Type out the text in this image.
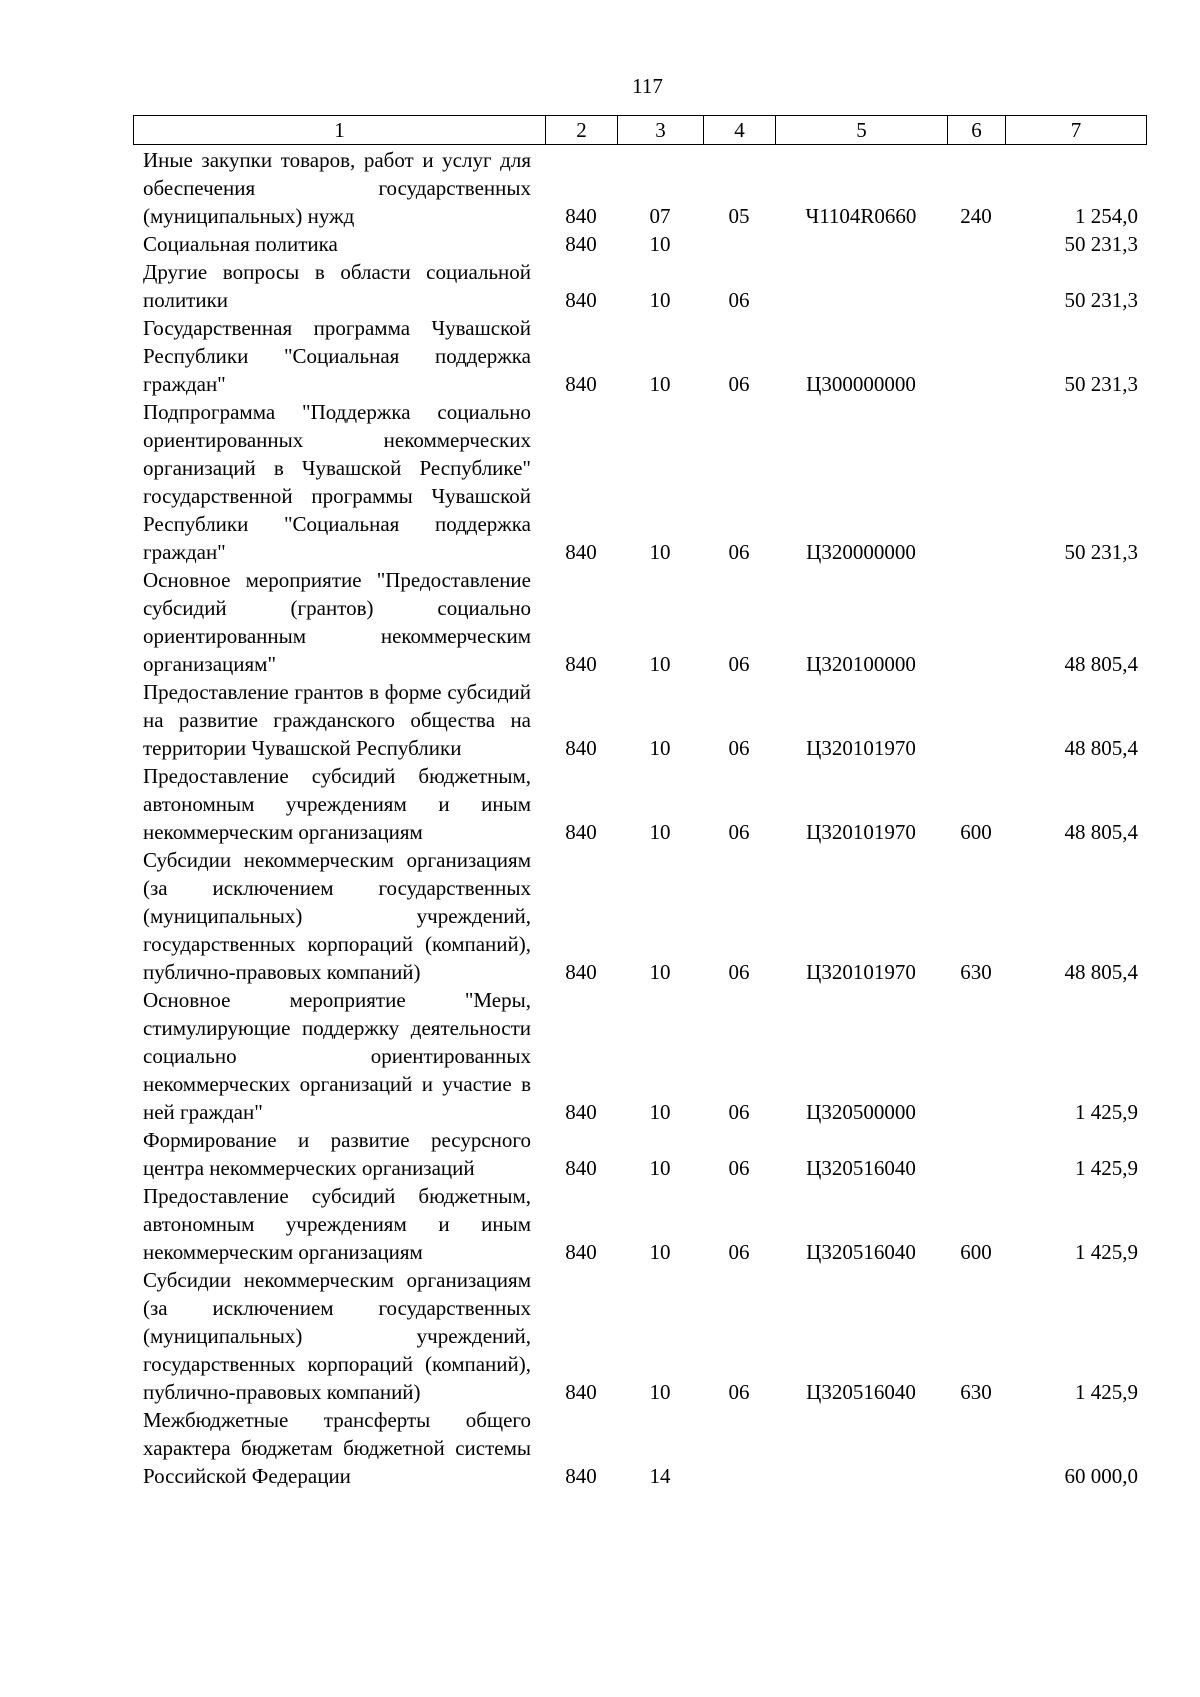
117
1	2	3	4	5	6	7
Иные закупки товаров, работ и услуг для обеспечения государственных (муниципальных) нужд	840	07	05	Ч1104R0660	240	1 254,0
Социальная политика	840	10				50 231,3
Другие вопросы в области социальной политики	840	10	06			50 231,3
Государственная программа Чувашской Республики "Социальная поддержка граждан"	840	10	06	Ц300000000		50 231,3
Подпрограмма "Поддержка социально ориентированных некоммерческих организаций в Чувашской Республике" государственной программы Чувашской Республики "Социальная поддержка граждан"	840	10	06	Ц320000000		50 231,3
Основное мероприятие "Предоставление субсидий (грантов) социально ориентированным некоммерческим организациям"	840	10	06	Ц320100000		48 805,4
Предоставление грантов в форме субсидий на развитие гражданского общества на территории Чувашской Республики	840	10	06	Ц320101970		48 805,4
Предоставление субсидий бюджетным, автономным учреждениям и иным некоммерческим организациям	840	10	06	Ц320101970	600	48 805,4
Субсидии некоммерческим организациям (за исключением государственных (муниципальных) учреждений, государственных корпораций (компаний), публично-правовых компаний)	840	10	06	Ц320101970	630	48 805,4
Основное мероприятие "Меры, стимулирующие поддержку деятельности социально ориентированных некоммерческих организаций и участие в ней граждан"	840	10	06	Ц320500000		1 425,9
Формирование и развитие ресурсного центра некоммерческих организаций	840	10	06	Ц320516040		1 425,9
Предоставление субсидий бюджетным, автономным учреждениям и иным некоммерческим организациям	840	10	06	Ц320516040	600	1 425,9
Субсидии некоммерческим организациям (за исключением государственных (муниципальных) учреждений, государственных корпораций (компаний), публично-правовых компаний)	840	10	06	Ц320516040	630	1 425,9
Межбюджетные трансферты общего характера бюджетам бюджетной системы Российской Федерации	840	14				60 000,0
